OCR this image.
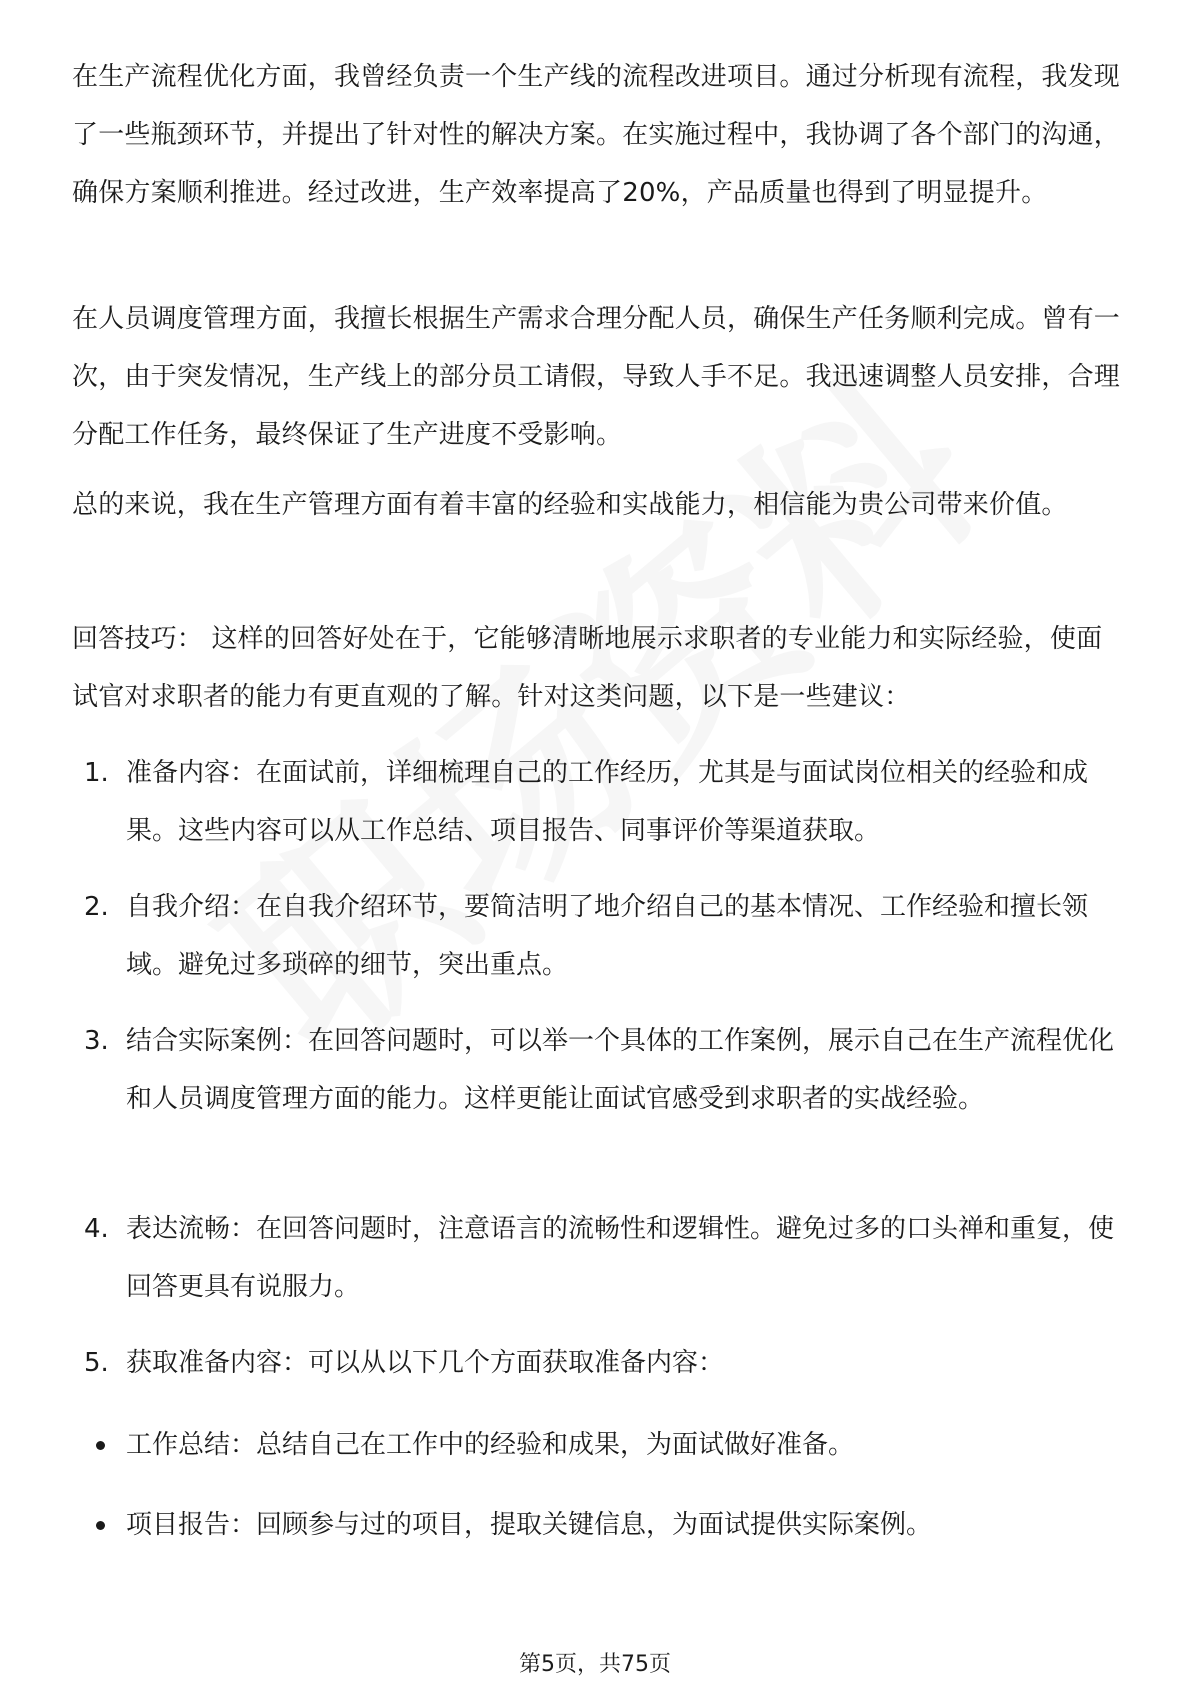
在生产流程优化方面，我曾经负责一个生产线的流程改进项目。通过分析现有流程，我发现了一些瓶颈环节，并提出了针对性的解决方案。在实施过程中，我协调了各个部门的沟通，确保方案顺利推进。经过改进，生产效率提高了20%，产品质量也得到了明显提升。

在人员调度管理方面，我擅长根据生产需求合理分配人员，确保生产任务顺利完成。曾有一次，由于突发情况，生产线上的部分员工请假，导致人手不足。我迅速调整人员安排，合理分配工作任务，最终保证了生产进度不受影响。

总的来说，我在生产管理方面有着丰富的经验和实战能力，相信能为贵公司带来价值。

回答技巧： 这样的回答好处在于，它能够清晰地展示求职者的专业能力和实际经验，使面试官对求职者的能力有更直观的了解。针对这类问题，以下是一些建议：

1. 准备内容：在面试前，详细梳理自己的工作经历，尤其是与面试岗位相关的经验和成果。这些内容可以从工作总结、项目报告、同事评价等渠道获取。
2. 自我介绍：在自我介绍环节，要简洁明了地介绍自己的基本情况、工作经验和擅长领域。避免过多琐碎的细节，突出重点。
3. 结合实际案例：在回答问题时，可以举一个具体的工作案例，展示自己在生产流程优化和人员调度管理方面的能力。这样更能让面试官感受到求职者的实战经验。
4. 表达流畅：在回答问题时，注意语言的流畅性和逻辑性。避免过多的口头禅和重复，使回答更具有说服力。
5. 获取准备内容：可以从以下几个方面获取准备内容：
工作总结：总结自己在工作中的经验和成果，为面试做好准备。
项目报告：回顾参与过的项目，提取关键信息，为面试提供实际案例。
第5页，共75页
